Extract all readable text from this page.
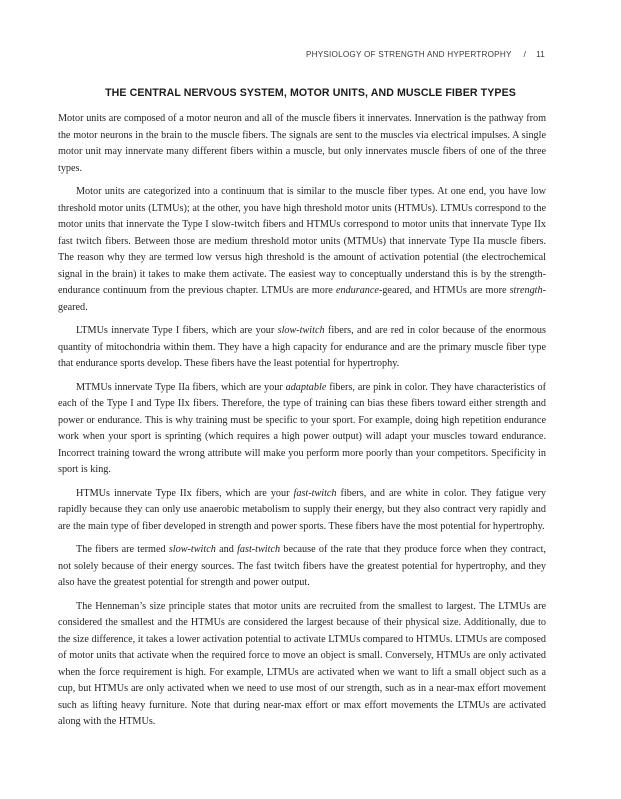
PHYSIOLOGY OF STRENGTH AND HYPERTROPHY / 11
THE CENTRAL NERVOUS SYSTEM, MOTOR UNITS, AND MUSCLE FIBER TYPES

Motor units are composed of a motor neuron and all of the muscle fibers it innervates. Innervation is the pathway from the motor neurons in the brain to the muscle fibers. The signals are sent to the muscles via electrical impulses. A single motor unit may innervate many different fibers within a muscle, but only innervates muscle fibers of one of the three types.

Motor units are categorized into a continuum that is similar to the muscle fiber types. At one end, you have low threshold motor units (LTMUs); at the other, you have high threshold motor units (HTMUs). LTMUs correspond to the motor units that innervate the Type I slow-twitch fibers and HTMUs correspond to motor units that innervate Type IIx fast twitch fibers. Between those are medium threshold motor units (MTMUs) that innervate Type IIa muscle fibers. The reason why they are termed low versus high threshold is the amount of activation potential (the electrochemical signal in the brain) it takes to make them activate. The easiest way to conceptually understand this is by the strength-endurance continuum from the previous chapter. LTMUs are more endurance-geared, and HTMUs are more strength-geared.

LTMUs innervate Type I fibers, which are your slow-twitch fibers, and are red in color because of the enormous quantity of mitochondria within them. They have a high capacity for endurance and are the primary muscle fiber type that endurance sports develop. These fibers have the least potential for hypertrophy.

MTMUs innervate Type IIa fibers, which are your adaptable fibers, are pink in color. They have characteristics of each of the Type I and Type IIx fibers. Therefore, the type of training can bias these fibers toward either strength and power or endurance. This is why training must be specific to your sport. For example, doing high repetition endurance work when your sport is sprinting (which requires a high power output) will adapt your muscles toward endurance. Incorrect training toward the wrong attribute will make you perform more poorly than your competitors. Specificity in sport is king.

HTMUs innervate Type IIx fibers, which are your fast-twitch fibers, and are white in color. They fatigue very rapidly because they can only use anaerobic metabolism to supply their energy, but they also contract very rapidly and are the main type of fiber developed in strength and power sports. These fibers have the most potential for hypertrophy.

The fibers are termed slow-twitch and fast-twitch because of the rate that they produce force when they contract, not solely because of their energy sources. The fast twitch fibers have the greatest potential for hypertrophy, and they also have the greatest potential for strength and power output.

The Henneman’s size principle states that motor units are recruited from the smallest to largest. The LTMUs are considered the smallest and the HTMUs are considered the largest because of their physical size. Additionally, due to the size difference, it takes a lower activation potential to activate LTMUs compared to HTMUs. LTMUs are composed of motor units that activate when the required force to move an object is small. Conversely, HTMUs are only activated when the force requirement is high. For example, LTMUs are activated when we want to lift a small object such as a cup, but HTMUs are only activated when we need to use most of our strength, such as in a near-max effort movement such as lifting heavy furniture. Note that during near-max effort or max effort movements the LTMUs are activated along with the HTMUs.
